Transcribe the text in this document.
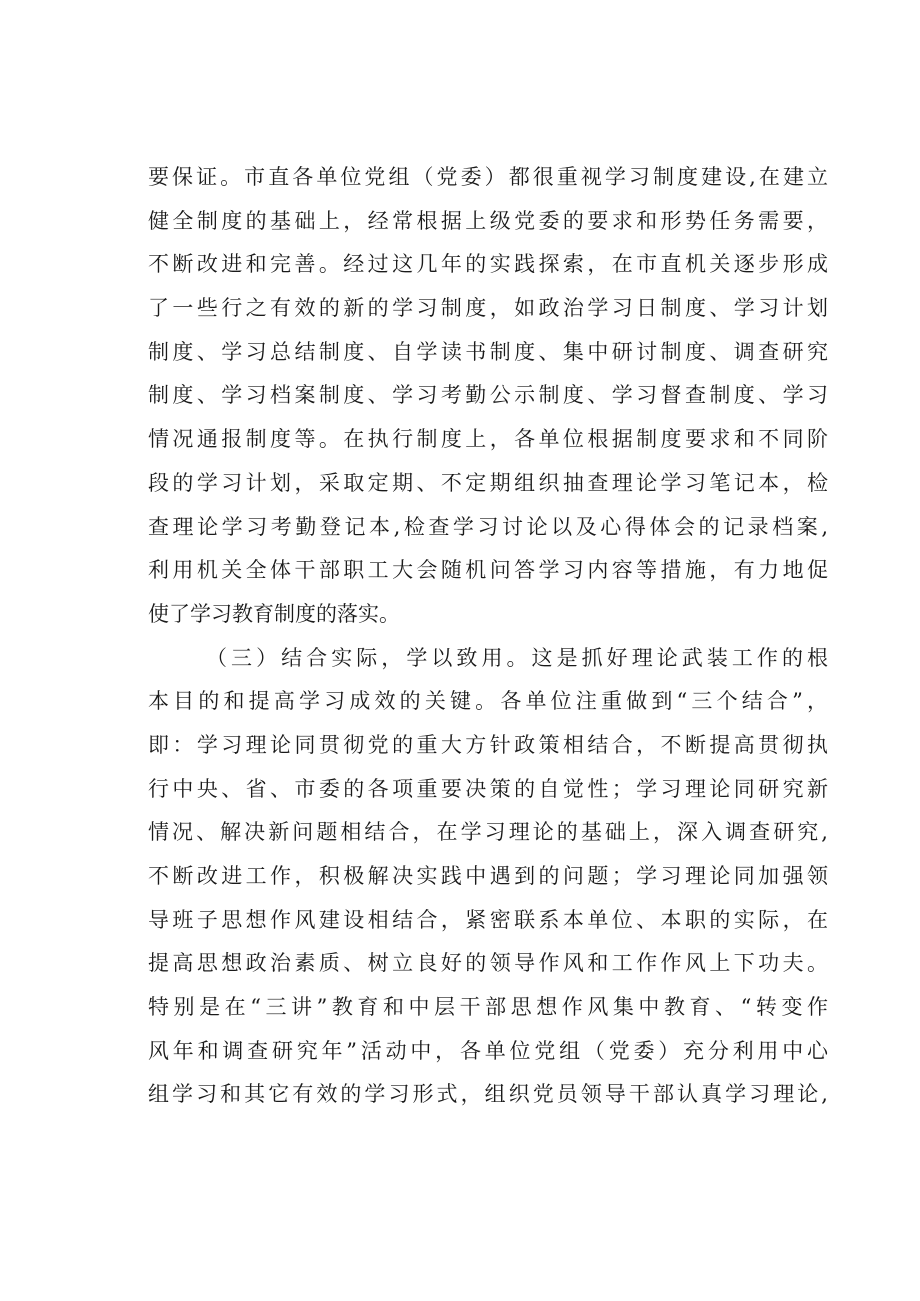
要保证。市直各单位党组（党委）都很重视学习制度建设,在建立
健全制度的基础上，经常根据上级党委的要求和形势任务需要，
不断改进和完善。经过这几年的实践探索，在市直机关逐步形成
了一些行之有效的新的学习制度，如政治学习日制度、学习计划
制度、学习总结制度、自学读书制度、集中研讨制度、调查研究
制度、学习档案制度、学习考勤公示制度、学习督查制度、学习
情况通报制度等。在执行制度上，各单位根据制度要求和不同阶
段的学习计划，采取定期、不定期组织抽查理论学习笔记本，检
查理论学习考勤登记本,检查学习讨论以及心得体会的记录档案,
利用机关全体干部职工大会随机问答学习内容等措施，有力地促
使了学习教育制度的落实。
（三）结合实际，学以致用。这是抓好理论武装工作的根
本目的和提高学习成效的关键。各单位注重做到“三个结合”，
即：学习理论同贯彻党的重大方针政策相结合，不断提高贯彻执
行中央、省、市委的各项重要决策的自觉性；学习理论同研究新
情况、解决新问题相结合，在学习理论的基础上，深入调查研究,
不断改进工作，积极解决实践中遇到的问题；学习理论同加强领
导班子思想作风建设相结合，紧密联系本单位、本职的实际，在
提高思想政治素质、树立良好的领导作风和工作作风上下功夫。
特别是在“三讲”教育和中层干部思想作风集中教育、“转变作
风年和调查研究年”活动中，各单位党组（党委）充分利用中心
组学习和其它有效的学习形式，组织党员领导干部认真学习理论,
